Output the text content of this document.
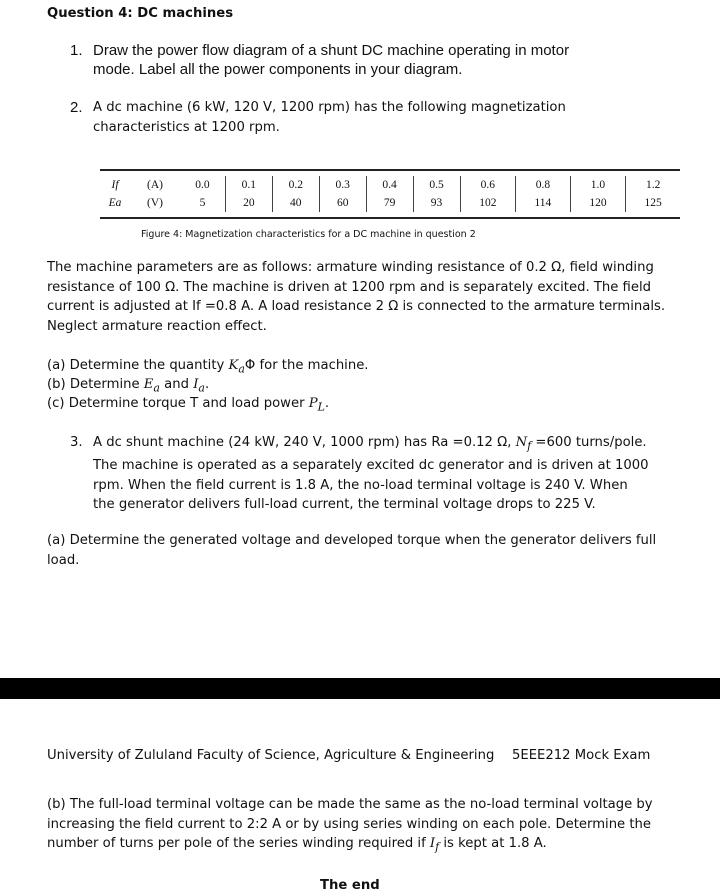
Question 4: DC machines
1. Draw the power flow diagram of a shunt DC machine operating in motor mode. Label all the power components in your diagram.
2. A dc machine (6 kW, 120 V, 1200 rpm) has the following magnetization characteristics at 1200 rpm.
If	(A)	0.0	0.1	0.2	0.3	0.4	0.5	0.6	0.8	1.0	1.2
Ea	(V)	5	20	40	60	79	93	102	114	120	125
Figure 4: Magnetization characteristics for a DC machine in question 2
The machine parameters are as follows: armature winding resistance of 0.2 Ω, field winding resistance of 100 Ω. The machine is driven at 1200 rpm and is separately excited. The field current is adjusted at If =0.8 A. A load resistance 2 Ω is connected to the armature terminals. Neglect armature reaction effect.
(a) Determine the quantity $K_a\Phi$ for the machine.
(b) Determine $E_a$ and $I_a$.
(c) Determine torque T and load power $P_L$.
3. A dc shunt machine (24 kW, 240 V, 1000 rpm) has Ra =0.12 Ω, $N_f =600$ turns/pole. The machine is operated as a separately excited dc generator and is driven at 1000 rpm. When the field current is 1.8 A, the no-load terminal voltage is 240 V. When the generator delivers full-load current, the terminal voltage drops to 225 V.
(a) Determine the generated voltage and developed torque when the generator delivers full load.
University of Zululand Faculty of Science, Agriculture & Engineering 5EEE212 Mock Exam
(b) The full-load terminal voltage can be made the same as the no-load terminal voltage by increasing the field current to 2:2 A or by using series winding on each pole. Determine the number of turns per pole of the series winding required if $I_f$ is kept at 1.8 A.
The end
